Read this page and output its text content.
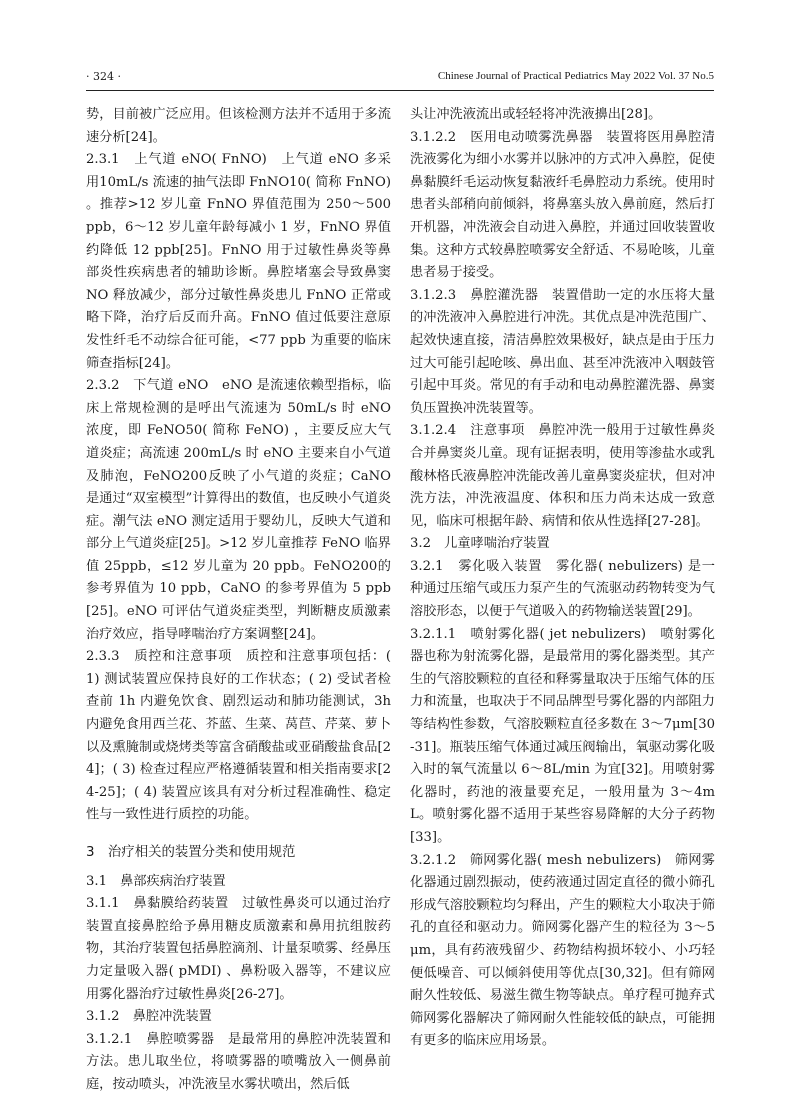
· 324 ·	Chinese Journal of Practical Pediatrics May 2022 Vol. 37 No.5

势，目前被广泛应用。但该检测方法并不适用于多流速分析[24]。

2.3.1　上气道 eNO( FnNO)　上气道 eNO 多采用10mL/s 流速的抽气法即 FnNO10( 简称 FnNO) 。推荐>12 岁儿童 FnNO 界值范围为 250～500 ppb，6～12 岁儿童年龄每减小 1 岁，FnNO 界值约降低 12 ppb[25]。FnNO 用于过敏性鼻炎等鼻部炎性疾病患者的辅助诊断。鼻腔堵塞会导致鼻窦 NO 释放减少，部分过敏性鼻炎患儿 FnNO 正常或略下降，治疗后反而升高。FnNO 值过低要注意原发性纤毛不动综合征可能，<77 ppb 为重要的临床筛查指标[24]。

2.3.2　下气道 eNO　eNO 是流速依赖型指标，临床上常规检测的是呼出气流速为 50mL/s 时 eNO 浓度，即 FeNO50( 简称 FeNO) ，主要反应大气道炎症；高流速 200mL/s 时 eNO 主要来自小气道及肺泡，FeNO200反映了小气道的炎症；CaNO 是通过“双室模型”计算得出的数值，也反映小气道炎症。潮气法 eNO 测定适用于婴幼儿，反映大气道和部分上气道炎症[25]。>12 岁儿童推荐 FeNO 临界值 25ppb，≤12 岁儿童为 20 ppb。FeNO200的参考界值为 10 ppb，CaNO 的参考界值为 5 ppb[25]。eNO 可评估气道炎症类型，判断糖皮质激素治疗效应，指导哮喘治疗方案调整[24]。

2.3.3　质控和注意事项　质控和注意事项包括：( 1) 测试装置应保持良好的工作状态；( 2) 受试者检查前 1h 内避免饮食、剧烈运动和肺功能测试，3h 内避免食用西兰花、芥蓝、生菜、莴苣、芹菜、萝卜以及熏腌制或烧烤类等富含硝酸盐或亚硝酸盐食品[24]；( 3) 检查过程应严格遵循装置和相关指南要求[24-25]；( 4) 装置应该具有对分析过程准确性、稳定性与一致性进行质控的功能。

3　治疗相关的装置分类和使用规范

3.1　鼻部疾病治疗装置

3.1.1　鼻黏膜给药装置　过敏性鼻炎可以通过治疗装置直接鼻腔给予鼻用糖皮质激素和鼻用抗组胺药物，其治疗装置包括鼻腔滴剂、计量泵喷雾、经鼻压力定量吸入器( pMDI) 、鼻粉吸入器等，不建议应用雾化器治疗过敏性鼻炎[26-27]。

3.1.2　鼻腔冲洗装置

3.1.2.1　鼻腔喷雾器　是最常用的鼻腔冲洗装置和方法。患儿取坐位，将喷雾器的喷嘴放入一侧鼻前庭，按动喷头，冲洗液呈水雾状喷出，然后低

头让冲洗液流出或轻轻将冲洗液擤出[28]。

3.1.2.2　医用电动喷雾洗鼻器　装置将医用鼻腔清洗液雾化为细小水雾并以脉冲的方式冲入鼻腔，促使鼻黏膜纤毛运动恢复黏液纤毛鼻腔动力系统。使用时患者头部稍向前倾斜，将鼻塞头放入鼻前庭，然后打开机器，冲洗液会自动进入鼻腔，并通过回收装置收集。这种方式较鼻腔喷雾安全舒适、不易呛咳，儿童患者易于接受。

3.1.2.3　鼻腔灌洗器　装置借助一定的水压将大量的冲洗液冲入鼻腔进行冲洗。其优点是冲洗范围广、起效快速直接，清洁鼻腔效果极好，缺点是由于压力过大可能引起呛咳、鼻出血、甚至冲洗液冲入咽鼓管引起中耳炎。常见的有手动和电动鼻腔灌洗器、鼻窦负压置换冲洗装置等。

3.1.2.4　注意事项　鼻腔冲洗一般用于过敏性鼻炎合并鼻窦炎儿童。现有证据表明，使用等渗盐水或乳酸林格氏液鼻腔冲洗能改善儿童鼻窦炎症状，但对冲洗方法，冲洗液温度、体积和压力尚未达成一致意见，临床可根据年龄、病情和依从性选择[27-28]。

3.2　儿童哮喘治疗装置

3.2.1　雾化吸入装置　雾化器( nebulizers) 是一种通过压缩气或压力泵产生的气流驱动药物转变为气溶胶形态，以便于气道吸入的药物输送装置[29]。

3.2.1.1　喷射雾化器( jet nebulizers)　喷射雾化器也称为射流雾化器，是最常用的雾化器类型。其产生的气溶胶颗粒的直径和释雾量取决于压缩气体的压力和流量，也取决于不同品牌型号雾化器的内部阻力等结构性参数，气溶胶颗粒直径多数在 3～7μm[30-31]。瓶装压缩气体通过减压阀输出，氧驱动雾化吸入时的氧气流量以 6～8L/min 为宜[32]。用喷射雾化器时，药池的液量要充足，一般用量为 3～4mL。喷射雾化器不适用于某些容易降解的大分子药物[33]。

3.2.1.2　筛网雾化器( mesh nebulizers)　筛网雾化器通过剧烈振动，使药液通过固定直径的微小筛孔形成气溶胶颗粒均匀释出，产生的颗粒大小取决于筛孔的直径和驱动力。筛网雾化器产生的粒径为 3～5μm，具有药液残留少、药物结构损坏较小、小巧轻便低噪音、可以倾斜使用等优点[30,32]。但有筛网耐久性较低、易滋生微生物等缺点。单疗程可抛弃式筛网雾化器解决了筛网耐久性能较低的缺点，可能拥有更多的临床应用场景。
